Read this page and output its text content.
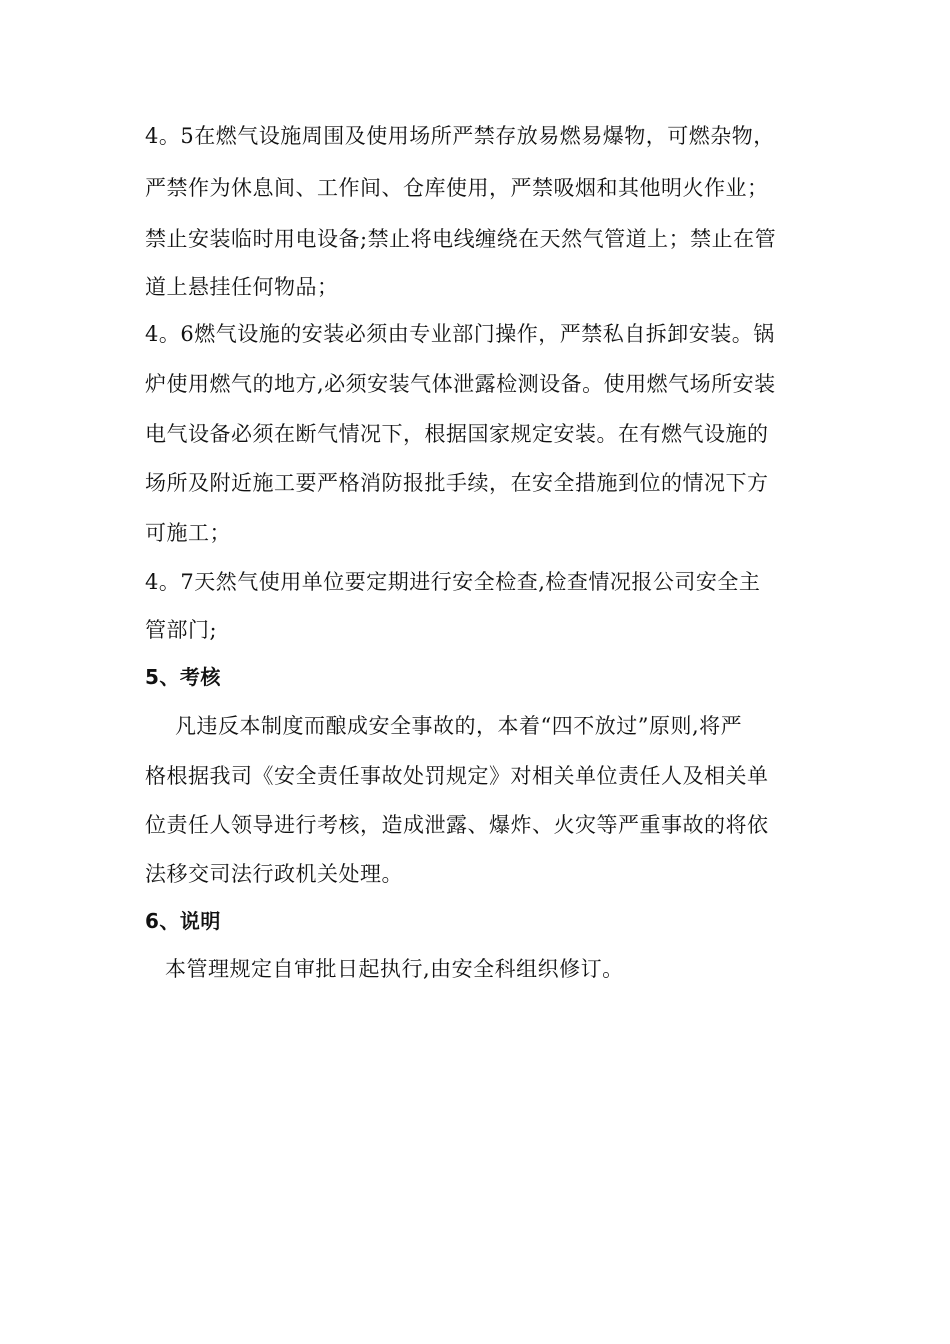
4。5在燃气设施周围及使用场所严禁存放易燃易爆物，可燃杂物，
严禁作为休息间、工作间、仓库使用，严禁吸烟和其他明火作业；
禁止安装临时用电设备;禁止将电线缠绕在天然气管道上；禁止在管
道上悬挂任何物品；
4。6燃气设施的安装必须由专业部门操作，严禁私自拆卸安装。锅
炉使用燃气的地方,必须安装气体泄露检测设备。使用燃气场所安装
电气设备必须在断气情况下，根据国家规定安装。在有燃气设施的
场所及附近施工要严格消防报批手续，在安全措施到位的情况下方
可施工；
4。7天然气使用单位要定期进行安全检查,检查情况报公司安全主
管部门;
5、考核
凡违反本制度而酿成安全事故的，本着“四不放过”原则,将严
格根据我司《安全责任事故处罚规定》对相关单位责任人及相关单
位责任人领导进行考核，造成泄露、爆炸、火灾等严重事故的将依
法移交司法行政机关处理。
6、说明
本管理规定自审批日起执行,由安全科组织修订。
